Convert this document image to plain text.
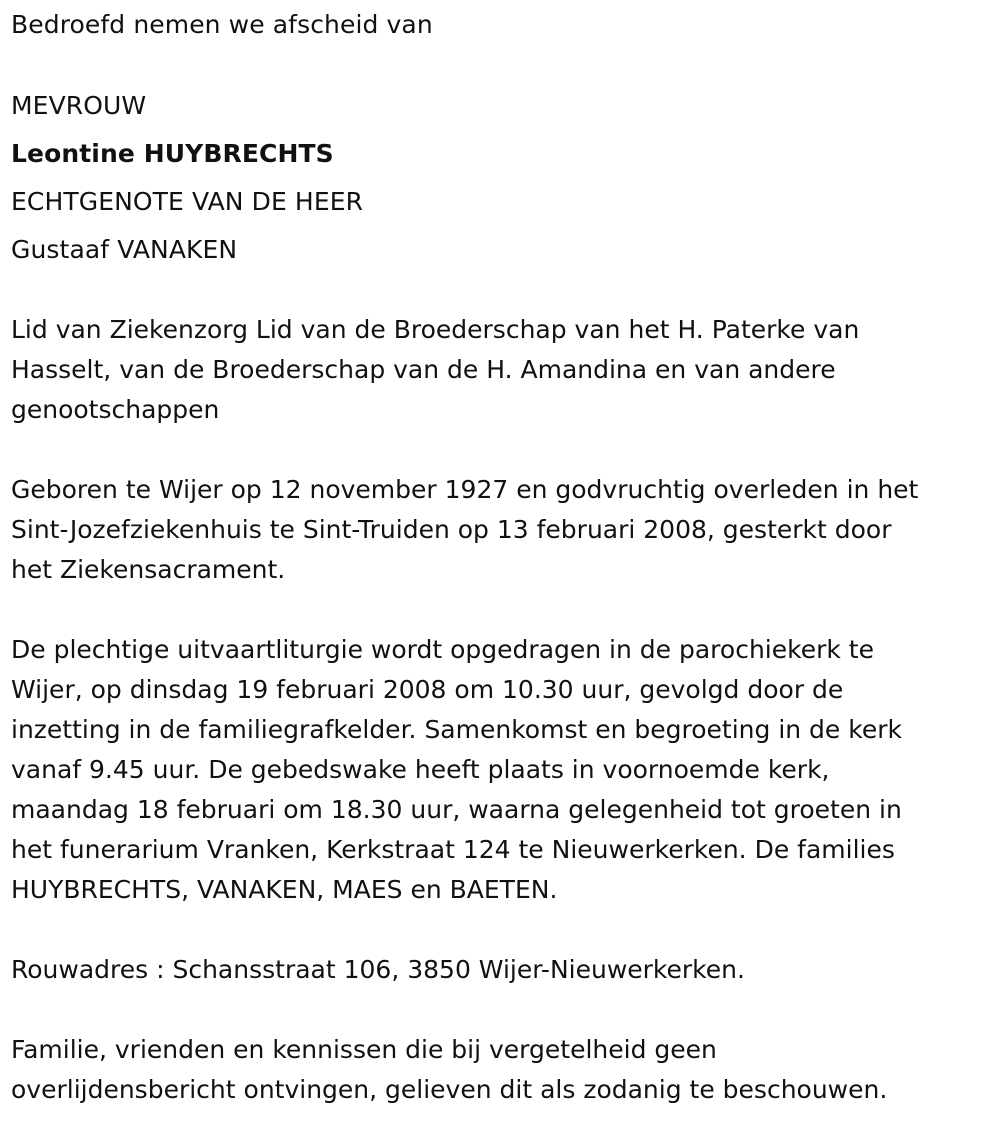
Bedroefd nemen we afscheid van
MEVROUW
Leontine HUYBRECHTS
ECHTGENOTE VAN DE HEER
Gustaaf VANAKEN
Lid van Ziekenzorg Lid van de Broederschap van het H. Paterke van
Hasselt, van de Broederschap van de H. Amandina en van andere
genootschappen
Geboren te Wijer op 12 november 1927 en godvruchtig overleden in het
Sint-Jozefziekenhuis te Sint-Truiden op 13 februari 2008, gesterkt door
het Ziekensacrament.
De plechtige uitvaartliturgie wordt opgedragen in de parochiekerk te
Wijer, op dinsdag 19 februari 2008 om 10.30 uur, gevolgd door de
inzetting in de familiegrafkelder. Samenkomst en begroeting in de kerk
vanaf 9.45 uur. De gebedswake heeft plaats in voornoemde kerk,
maandag 18 februari om 18.30 uur, waarna gelegenheid tot groeten in
het funerarium Vranken, Kerkstraat 124 te Nieuwerkerken. De families
HUYBRECHTS, VANAKEN, MAES en BAETEN.
Rouwadres : Schansstraat 106, 3850 Wijer-Nieuwerkerken.
Familie, vrienden en kennissen die bij vergetelheid geen
overlijdensbericht ontvingen, gelieven dit als zodanig te beschouwen.
